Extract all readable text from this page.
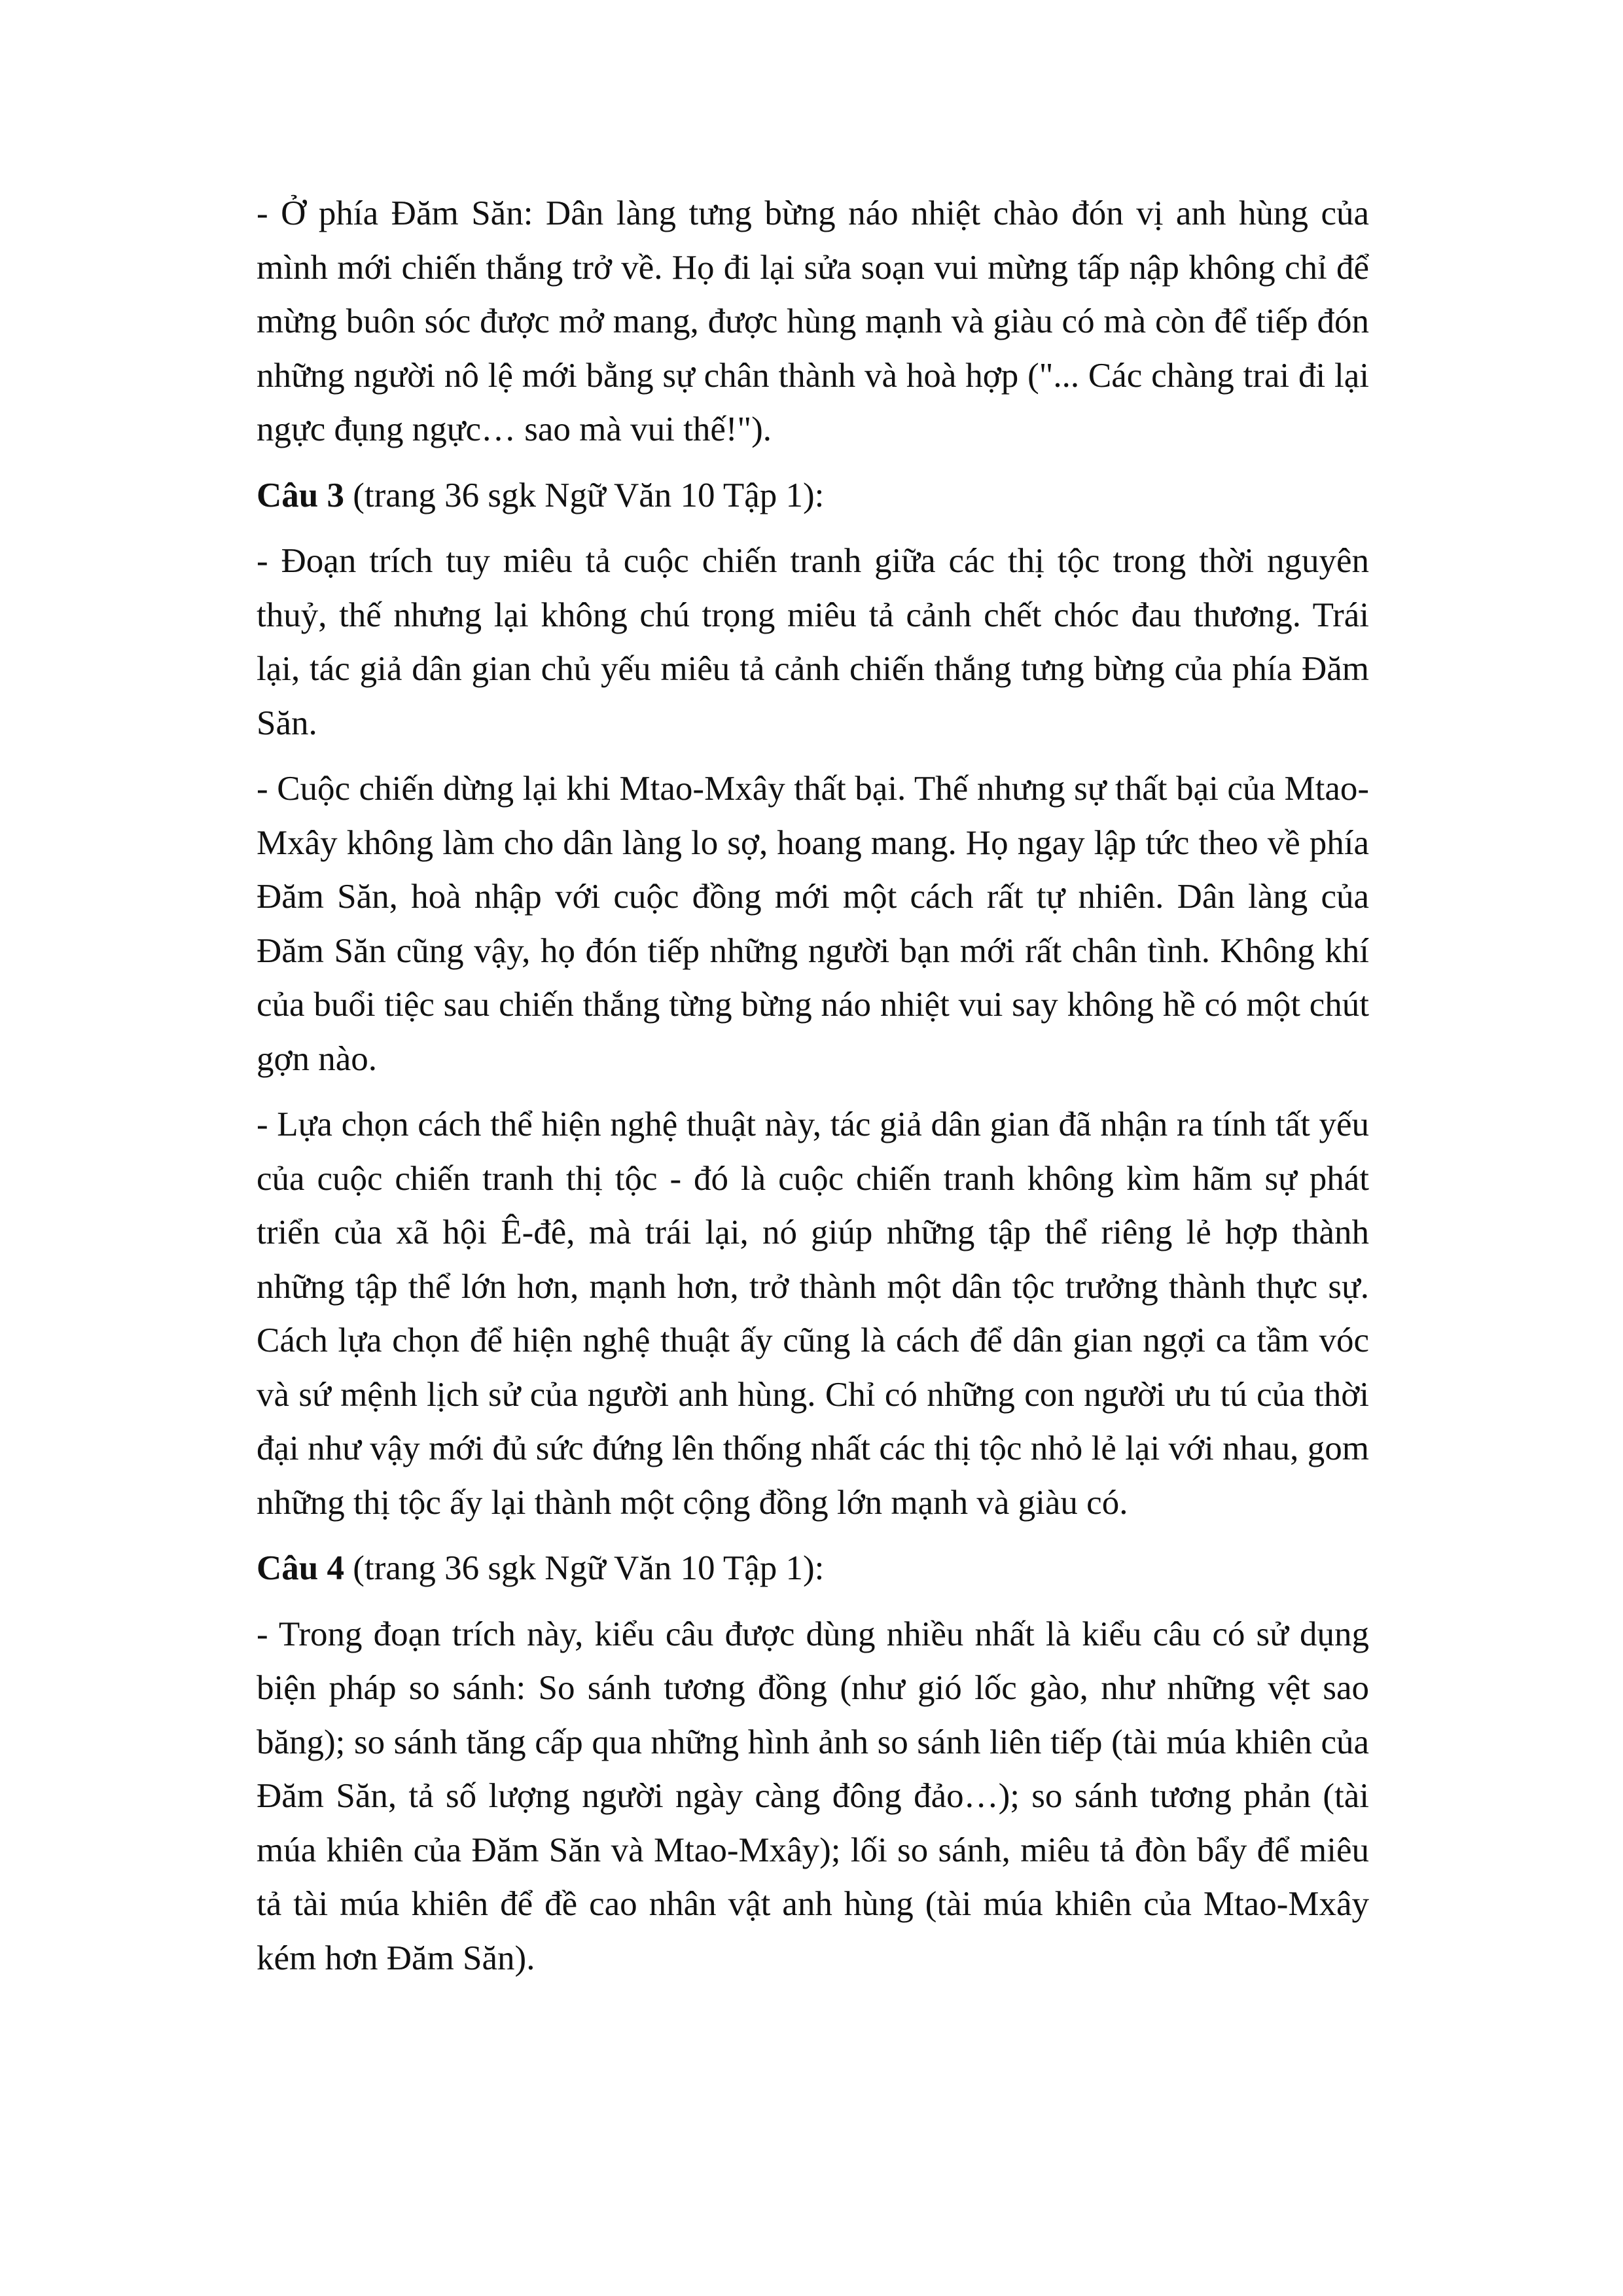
- Ở phía Đăm Săn: Dân làng tưng bừng náo nhiệt chào đón vị anh hùng của mình mới chiến thắng trở về. Họ đi lại sửa soạn vui mừng tấp nập không chỉ để mừng buôn sóc được mở mang, được hùng mạnh và giàu có mà còn để tiếp đón những người nô lệ mới bằng sự chân thành và hoà hợp ("... Các chàng trai đi lại ngực đụng ngực… sao mà vui thế!").

Câu 3 (trang 36 sgk Ngữ Văn 10 Tập 1):

- Đoạn trích tuy miêu tả cuộc chiến tranh giữa các thị tộc trong thời nguyên thuỷ, thế nhưng lại không chú trọng miêu tả cảnh chết chóc đau thương. Trái lại, tác giả dân gian chủ yếu miêu tả cảnh chiến thắng tưng bừng của phía Đăm Săn.

- Cuộc chiến dừng lại khi Mtao-Mxây thất bại. Thế nhưng sự thất bại của Mtao-Mxây không làm cho dân làng lo sợ, hoang mang. Họ ngay lập tức theo về phía Đăm Săn, hoà nhập với cuộc đồng mới một cách rất tự nhiên. Dân làng của Đăm Săn cũng vậy, họ đón tiếp những người bạn mới rất chân tình. Không khí của buổi tiệc sau chiến thắng từng bừng náo nhiệt vui say không hề có một chút gợn nào.

- Lựa chọn cách thể hiện nghệ thuật này, tác giả dân gian đã nhận ra tính tất yếu của cuộc chiến tranh thị tộc - đó là cuộc chiến tranh không kìm hãm sự phát triển của xã hội Ê-đê, mà trái lại, nó giúp những tập thể riêng lẻ hợp thành những tập thể lớn hơn, mạnh hơn, trở thành một dân tộc trưởng thành thực sự. Cách lựa chọn để hiện nghệ thuật ấy cũng là cách để dân gian ngợi ca tầm vóc và sứ mệnh lịch sử của người anh hùng. Chỉ có những con người ưu tú của thời đại như vậy mới đủ sức đứng lên thống nhất các thị tộc nhỏ lẻ lại với nhau, gom những thị tộc ấy lại thành một cộng đồng lớn mạnh và giàu có.

Câu 4 (trang 36 sgk Ngữ Văn 10 Tập 1):

- Trong đoạn trích này, kiểu câu được dùng nhiều nhất là kiểu câu có sử dụng biện pháp so sánh: So sánh tương đồng (như gió lốc gào, như những vệt sao băng); so sánh tăng cấp qua những hình ảnh so sánh liên tiếp (tài múa khiên của Đăm Săn, tả số lượng người ngày càng đông đảo…); so sánh tương phản (tài múa khiên của Đăm Săn và Mtao-Mxây); lối so sánh, miêu tả đòn bẩy để miêu tả tài múa khiên để đề cao nhân vật anh hùng (tài múa khiên của Mtao-Mxây kém hơn Đăm Săn).
